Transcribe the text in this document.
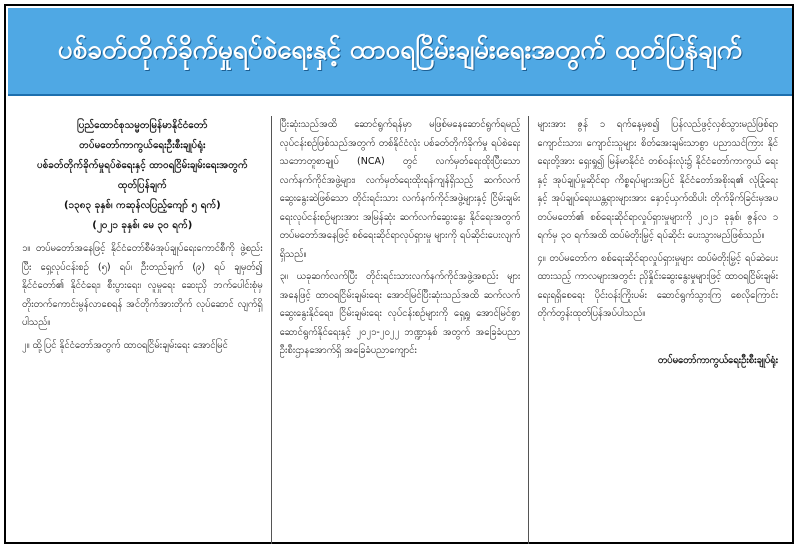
ပစ်ခတ်တိုက်ခိုက်မှုရပ်စဲရေးနှင့် ထာဝရငြိမ်းချမ်းရေးအတွက် ထုတ်ပြန်ချက်
ပြည်ထောင်စုသမ္မတမြန်မာနိုင်ငံတော်
တပ်မတော်ကာကွယ်ရေးဦးစီးချုပ်ရုံး
ပစ်ခတ်တိုက်ခိုက်မှုရပ်စဲရေးနှင့် ထာဝရငြိမ်းချမ်းရေးအတွက်
ထုတ်ပြန်ချက်
(၁၃၈၃ ခုနှစ်၊ ကဆုန်လပြည့်ကျော် ၅ ရက်)
(၂၀၂၁ ခုနှစ်၊ မေ ၃၀ ရက်)

၁။ တပ်မတော်အနေဖြင့် နိုင်ငံတော်စီမံအုပ်ချုပ်ရေးကောင်စီကို ဖွဲ့စည်းပြီး ရှေ့လုပ်ငန်းစဉ် (၅) ရပ်၊ ဦးတည်ချက် (၉) ရပ် ချမှတ်၍ နိုင်ငံတော်၏ နိုင်ငံရေး၊ စီးပွားရေး၊ လူမှုရေး ဆေးညှိ ဘက်ပေါင်းစုံမှ တိုးတက်ကောင်းမွန်လာစေရန် အင်တိုက်အားတိုက် လုပ်ဆောင် လျက်ရှိပါသည်။

၂။ ထို့ပြင် နိုင်ငံတော်အတွက် ထာဝရငြိမ်းချမ်းရေး အောင်မြင်

ပြီးဆုံးသည်အထိ ဆောင်ရွက်ရန်မှာ မဖြစ်မနေဆောင်ရွက်ရမည့် လုပ်ငန်းစဉ်ဖြစ်သည်အတွက် တစ်နိုင်ငံလုံး ပစ်ခတ်တိုက်ခိုက်မှု ရပ်စဲရေးသဘောတူစာချုပ် (NCA) တွင် လက်မှတ်ရေးထိုးပြီးသော လက်နက်ကိုင်အဖွဲ့များ၊ လက်မှတ်ရေးထိုးရန်ကျန်ရှိသည့် ဆက်လက် ဆွေးနွေးဆဲဖြစ်သော တိုင်းရင်းသား လက်နက်ကိုင်အဖွဲ့များနှင့် ငြိမ်းချမ်းရေးလုပ်ငန်းစဉ်များအား အမြန်ဆုံး ဆက်လက်ဆွေးနွေး နိုင်ရေးအတွက် တပ်မတော်အနေဖြင့် စစ်ရေးဆိုင်ရာလုပ်ရှားမှု များကို ရပ်ဆိုင်းပေးလျက်ရှိသည်။

၃။ ယခုဆက်လက်ပြီး တိုင်းရင်းသားလက်နက်ကိုင်အဖွဲ့အစည်း များအနေဖြင့် ထာဝရငြိမ်းချမ်းရေး အောင်မြင်ပြီးဆုံးသည်အထိ ဆက်လက်ဆွေးနွေးနိုင်ရေး၊ ငြိမ်းချမ်းရေး လုပ်ငန်းစဉ်များကို ရှေ့ရှု အောင်မြင်စွာ ဆောင်ရွက်နိုင်ရေးနှင့် ၂၀၂၁-၂၀၂၂ ဘဏ္ဍာနှစ် အတွက် အခြေခံပညာဦးစီးဌာနအောက်ရှိ အခြေခံပညာကျောင်း

များအား ဇွန် ၁ ရက်နေ့မှစ၍ ပြန်လည်ဖွင့်လှစ်သွားမည်ဖြစ်ရာ ကျောင်းသား၊ ကျောင်းသူများ စိတ်အေးချမ်းသာစွာ ပညာသင်ကြား နိုင်ရေးတို့အား ရှေးရှု၍ မြန်မာနိုင်ငံ တစ်ဝန်းလုံး၌ နိုင်ငံတော်ကာကွယ် ရေးနှင့် အုပ်ချုပ်မှုဆိုင်ရာ ကိစ္စရပ်များအပြင် နိုင်ငံတော်အစိုးရ၏ လုံခြုံရေးနှင့် အုပ်ချုပ်ရေးယန္တရားများအား နှောင့်ယှက်ထိပါး တိုက်ခိုက်ခြင်းမှအပ တပ်မတော်၏ စစ်ရေးဆိုင်ရာလှုပ်ရှားမှုများကို ၂၀၂၁ ခုနှစ်၊ ဇွန်လ ၁ ရက်မှ ၃၀ ရက်အထိ ထပ်မံတိုးမြှင့် ရပ်ဆိုင်း ပေးသွားမည်ဖြစ်သည်။

၄။ တပ်မတော်က စစ်ရေးဆိုင်ရာလှုပ်ရှားမှုများ ထပ်မံတိုးမြှင့် ရပ်ဆဲပေးထားသည့် ကာလများအတွင်း ညှိနှိုင်းဆွေးနွေးမှုများဖြင့် ထာဝရငြိမ်းချမ်းရေးရရှိစေရေး ပိုင်းဝန်းကြိုးပမ်း ဆောင်ရွက်သွားကြ စေလိုကြောင်း တိုက်တွန်းထုတ်ပြန်အပ်ပါသည်။

တပ်မတော်ကာကွယ်ရေးဦးစီးချုပ်ရုံး
